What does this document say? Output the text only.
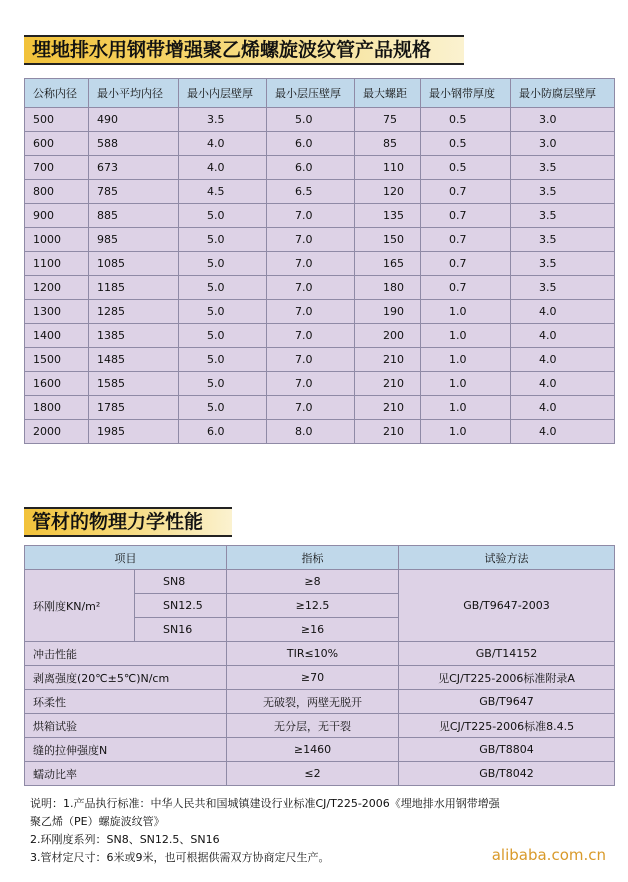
埋地排水用钢带增强聚乙烯螺旋波纹管产品规格
公称内径	最小平均内径	最小内层壁厚	最小层压壁厚	最大螺距	最小钢带厚度	最小防腐层壁厚
500	490	3.5	5.0	75	0.5	3.0
600	588	4.0	6.0	85	0.5	3.0
700	673	4.0	6.0	110	0.5	3.5
800	785	4.5	6.5	120	0.7	3.5
900	885	5.0	7.0	135	0.7	3.5
1000	985	5.0	7.0	150	0.7	3.5
1100	1085	5.0	7.0	165	0.7	3.5
1200	1185	5.0	7.0	180	0.7	3.5
1300	1285	5.0	7.0	190	1.0	4.0
1400	1385	5.0	7.0	200	1.0	4.0
1500	1485	5.0	7.0	210	1.0	4.0
1600	1585	5.0	7.0	210	1.0	4.0
1800	1785	5.0	7.0	210	1.0	4.0
2000	1985	6.0	8.0	210	1.0	4.0
管材的物理力学性能
项目		指标	试验方法
环刚度KN/m²	SN8	≥8	GB/T9647-2003
	SN12.5	≥12.5	
	SN16	≥16	
冲击性能		TIR≤10%	GB/T14152
剥离强度(20℃±5℃)N/cm		≥70	见CJ/T225-2006标准附录A
环柔性		无破裂，两壁无脱开	GB/T9647
烘箱试验		无分层，无干裂	见CJ/T225-2006标准8.4.5
缝的拉伸强度N		≥1460	GB/T8804
蠕动比率		≤2	GB/T8042
说明：1.产品执行标准：中华人民共和国城镇建设行业标准CJ/T225-2006《埋地排水用钢带增强
聚乙烯（PE）螺旋波纹管》
2.环刚度系列：SN8、SN12.5、SN16
3.管材定尺寸：6米或9米，也可根据供需双方协商定尺生产。	alibaba.com.cn
